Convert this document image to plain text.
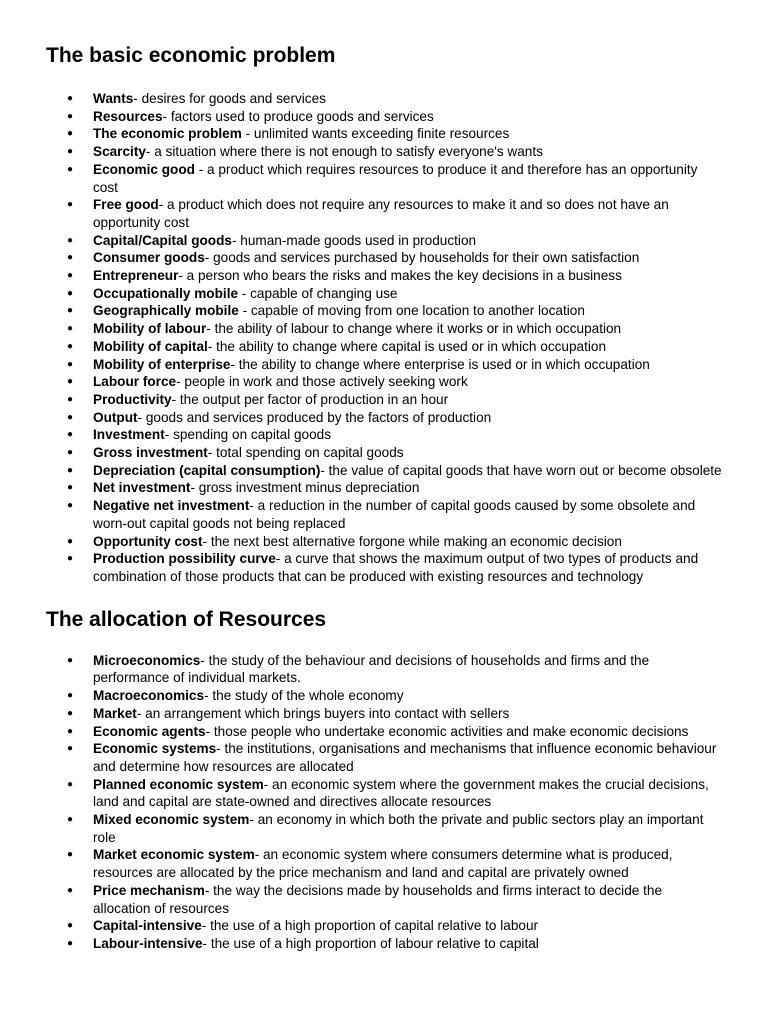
The basic economic problem
● Wants- desires for goods and services
● Resources- factors used to produce goods and services
● The economic problem - unlimited wants exceeding finite resources
● Scarcity- a situation where there is not enough to satisfy everyone's wants
● Economic good - a product which requires resources to produce it and therefore has an opportunity cost
● Free good- a product which does not require any resources to make it and so does not have an opportunity cost
● Capital/Capital goods- human-made goods used in production
● Consumer goods- goods and services purchased by households for their own satisfaction
● Entrepreneur- a person who bears the risks and makes the key decisions in a business
● Occupationally mobile - capable of changing use
● Geographically mobile - capable of moving from one location to another location
● Mobility of labour- the ability of labour to change where it works or in which occupation
● Mobility of capital- the ability to change where capital is used or in which occupation
● Mobility of enterprise- the ability to change where enterprise is used or in which occupation
● Labour force- people in work and those actively seeking work
● Productivity- the output per factor of production in an hour
● Output- goods and services produced by the factors of production
● Investment- spending on capital goods
● Gross investment- total spending on capital goods
● Depreciation (capital consumption)- the value of capital goods that have worn out or become obsolete
● Net investment- gross investment minus depreciation
● Negative net investment- a reduction in the number of capital goods caused by some obsolete and worn-out capital goods not being replaced
● Opportunity cost- the next best alternative forgone while making an economic decision
● Production possibility curve- a curve that shows the maximum output of two types of products and combination of those products that can be produced with existing resources and technology
The allocation of Resources
● Microeconomics- the study of the behaviour and decisions of households and firms and the performance of individual markets.
● Macroeconomics- the study of the whole economy
● Market- an arrangement which brings buyers into contact with sellers
● Economic agents- those people who undertake economic activities and make economic decisions
● Economic systems- the institutions, organisations and mechanisms that influence economic behaviour and determine how resources are allocated
● Planned economic system- an economic system where the government makes the crucial decisions, land and capital are state-owned and directives allocate resources
● Mixed economic system- an economy in which both the private and public sectors play an important role
● Market economic system- an economic system where consumers determine what is produced, resources are allocated by the price mechanism and land and capital are privately owned
● Price mechanism- the way the decisions made by households and firms interact to decide the allocation of resources
● Capital-intensive- the use of a high proportion of capital relative to labour
● Labour-intensive- the use of a high proportion of labour relative to capital
